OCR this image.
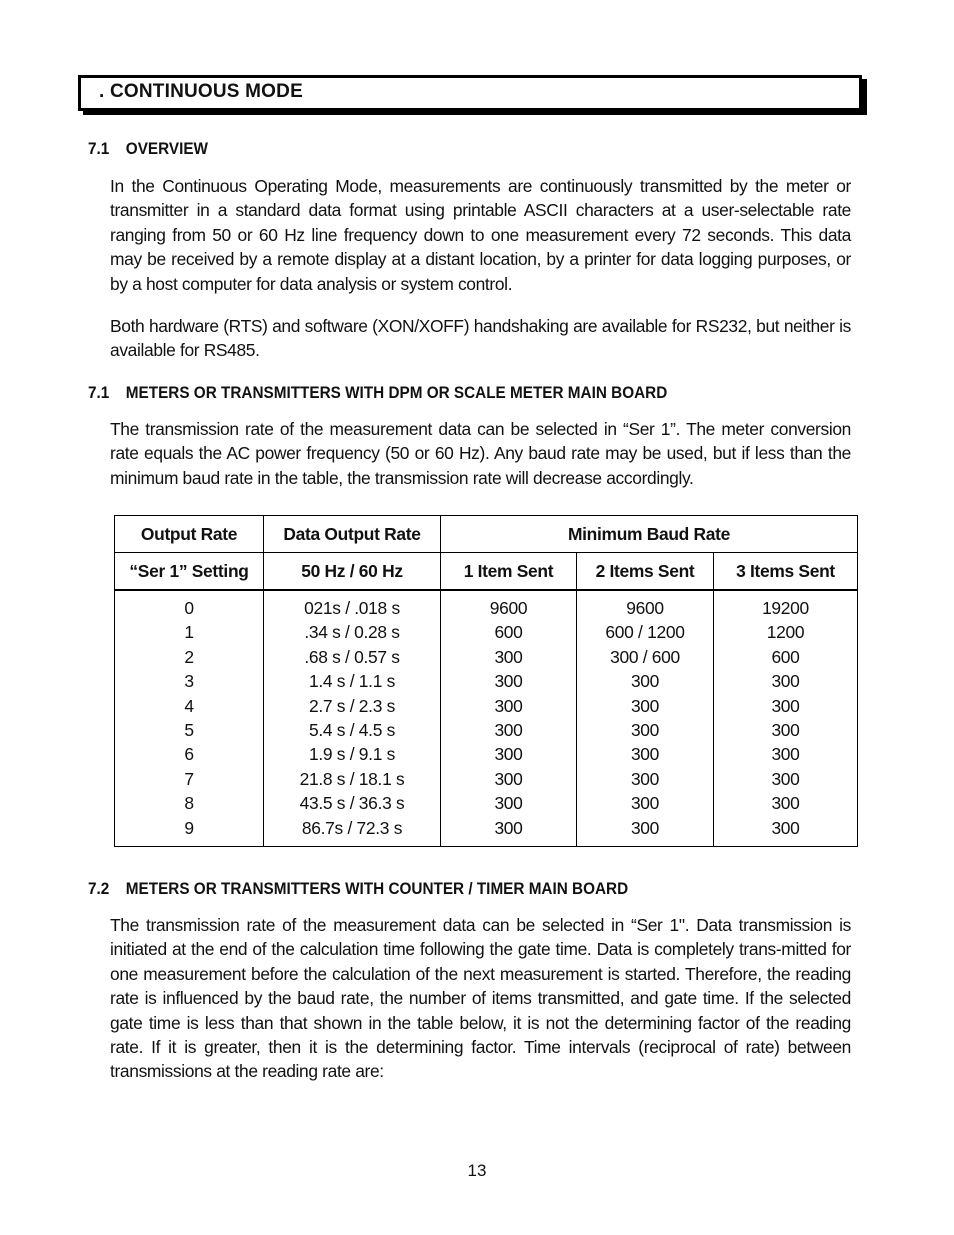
. CONTINUOUS MODE
7.1 OVERVIEW
In the Continuous Operating Mode, measurements are continuously transmitted by the meter or transmitter in a standard data format using printable ASCII characters at a user-selectable rate ranging from 50 or 60 Hz line frequency down to one measurement every 72 seconds. This data may be received by a remote display at a distant location, by a printer for data logging purposes, or by a host computer for data analysis or system control.
Both hardware (RTS) and software (XON/XOFF) handshaking are available for RS232, but neither is available for RS485.
7.1 METERS OR TRANSMITTERS WITH DPM OR SCALE METER MAIN BOARD
The transmission rate of the measurement data can be selected in “Ser 1”. The meter conversion rate equals the AC power frequency (50 or 60 Hz). Any baud rate may be used, but if less than the minimum baud rate in the table, the transmission rate will decrease accordingly.
Output Rate	Data Output Rate	Minimum Baud Rate		
“Ser 1” Setting	50 Hz / 60 Hz	1 Item Sent	2 Items Sent	3 Items Sent
0	021s / .018 s	9600	9600	19200
1	.34 s / 0.28 s	600	600 / 1200	1200
2	.68 s / 0.57 s	300	300 / 600	600
3	1.4 s / 1.1 s	300	300	300
4	2.7 s / 2.3 s	300	300	300
5	5.4 s / 4.5 s	300	300	300
6	1.9 s / 9.1 s	300	300	300
7	21.8 s / 18.1 s	300	300	300
8	43.5 s / 36.3 s	300	300	300
9	86.7s / 72.3 s	300	300	300
7.2 METERS OR TRANSMITTERS WITH COUNTER / TIMER MAIN BOARD
The transmission rate of the measurement data can be selected in “Ser 1". Data transmission is initiated at the end of the calculation time following the gate time. Data is completely trans-mitted for one measurement before the calculation of the next measurement is started. Therefore, the reading rate is influenced by the baud rate, the number of items transmitted, and gate time. If the selected gate time is less than that shown in the table below, it is not the determining factor of the reading rate. If it is greater, then it is the determining factor. Time intervals (reciprocal of rate) between transmissions at the reading rate are:
13
